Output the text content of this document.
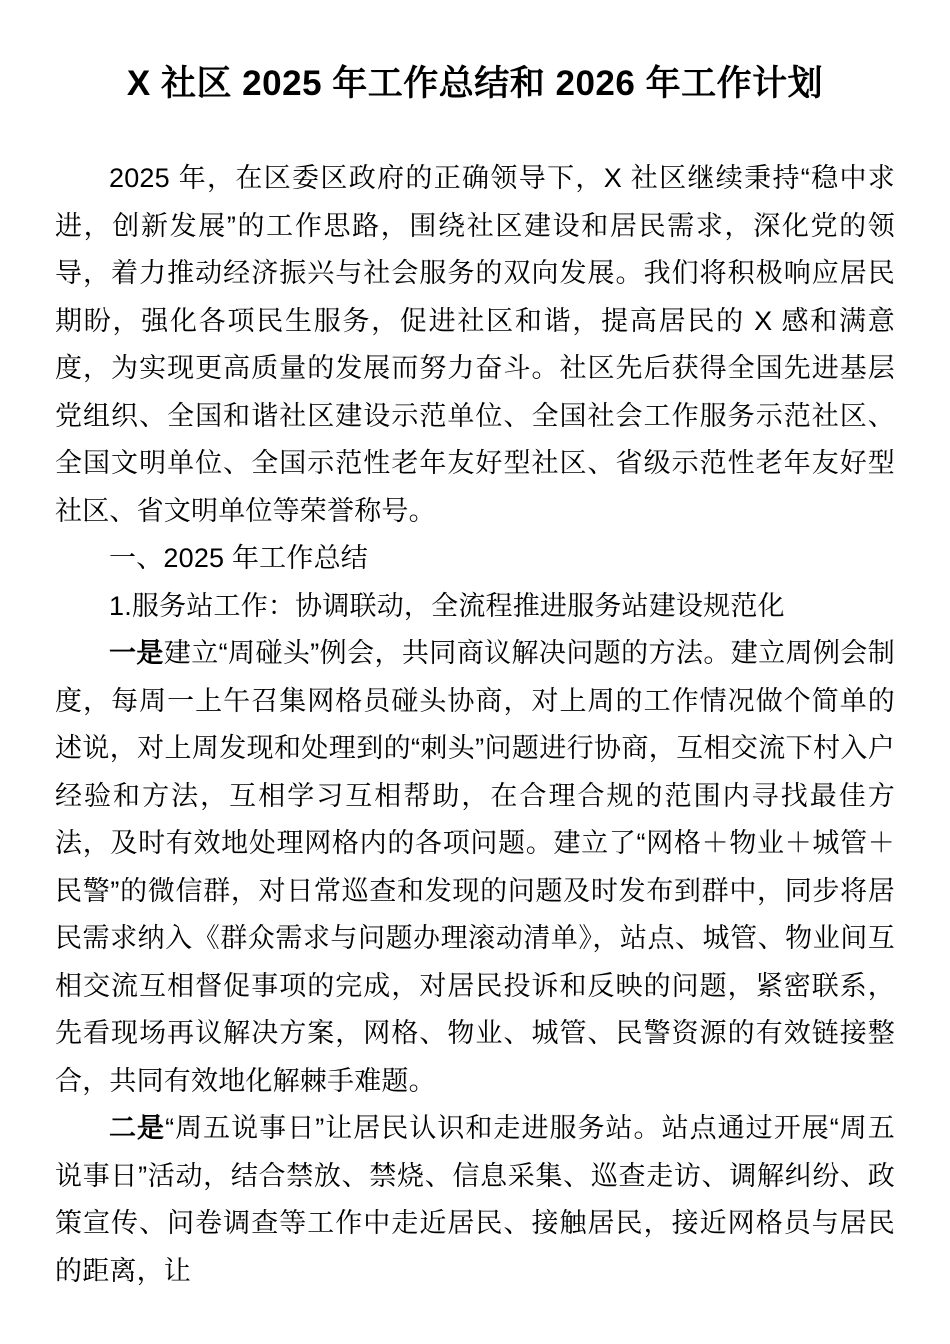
X 社区 2025 年工作总结和 2026 年工作计划

2025 年，在区委区政府的正确领导下，X 社区继续秉持“稳中求进，创新发展”的工作思路，围绕社区建设和居民需求，深化党的领导，着力推动经济振兴与社会服务的双向发展。我们将积极响应居民期盼，强化各项民生服务，促进社区和谐，提高居民的 X 感和满意度，为实现更高质量的发展而努力奋斗。社区先后获得全国先进基层党组织、全国和谐社区建设示范单位、全国社会工作服务示范社区、全国文明单位、全国示范性老年友好型社区、省级示范性老年友好型社区、省文明单位等荣誉称号。

一、2025 年工作总结

1.服务站工作：协调联动，全流程推进服务站建设规范化

一是建立“周碰头”例会，共同商议解决问题的方法。建立周例会制度，每周一上午召集网格员碰头协商，对上周的工作情况做个简单的述说，对上周发现和处理到的“刺头”问题进行协商，互相交流下村入户经验和方法，互相学习互相帮助，在合理合规的范围内寻找最佳方法，及时有效地处理网格内的各项问题。建立了“网格＋物业＋城管＋民警”的微信群，对日常巡查和发现的问题及时发布到群中，同步将居民需求纳入《群众需求与问题办理滚动清单》，站点、城管、物业间互相交流互相督促事项的完成，对居民投诉和反映的问题，紧密联系，先看现场再议解决方案，网格、物业、城管、民警资源的有效链接整合，共同有效地化解棘手难题。

二是“周五说事日”让居民认识和走进服务站。站点通过开展“周五说事日”活动，结合禁放、禁烧、信息采集、巡查走访、调解纠纷、政策宣传、问卷调查等工作中走近居民、接触居民，接近网格员与居民的距离，让
